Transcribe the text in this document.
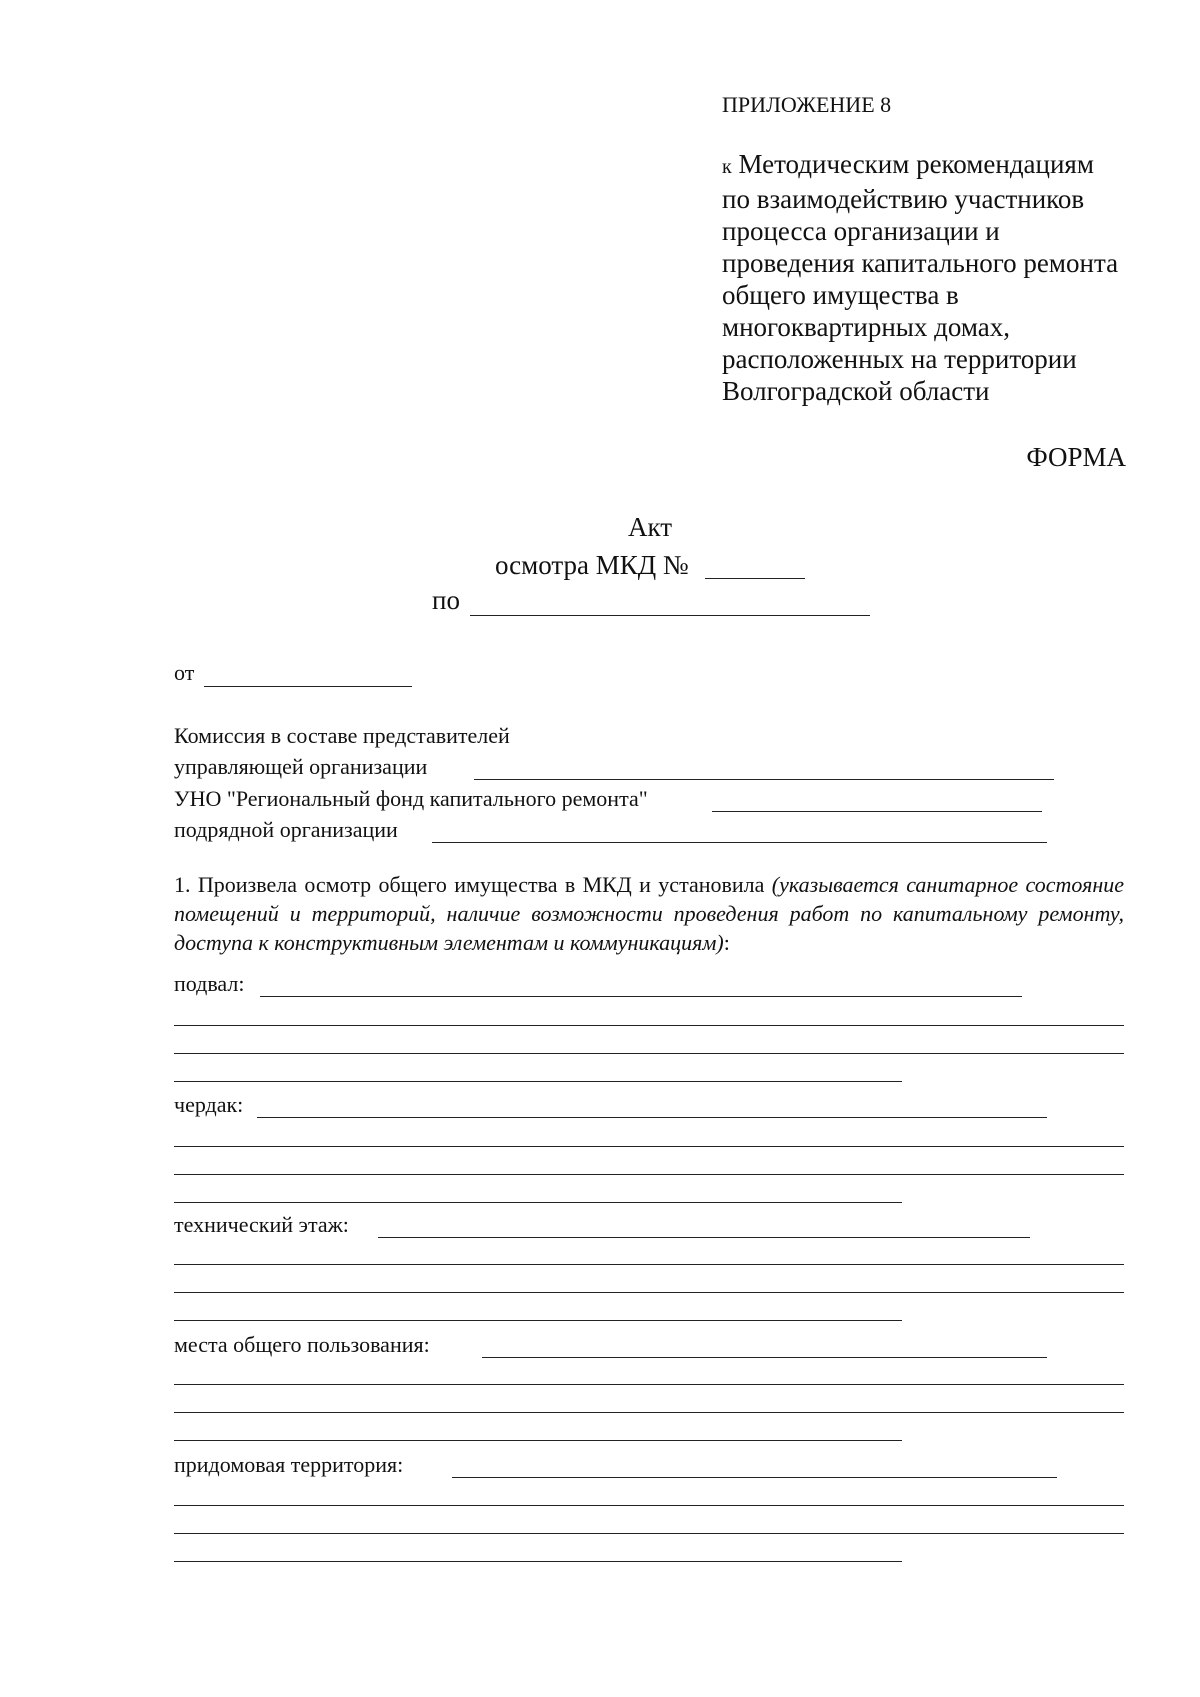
ПРИЛОЖЕНИЕ 8
к Методическим рекомендациям
по взаимодействию участников
процесса организации и
проведения капитального ремонта
общего имущества в
многоквартирных домах,
расположенных на территории
Волгоградской области
ФОРМА
Акт
осмотра МКД №
по
от
Комиссия в составе представителей
управляющей организации
УНО "Региональный фонд капитального ремонта"
подрядной организации
1. Произвела осмотр общего имущества в МКД и установила (указывается санитарное состояние помещений и территорий, наличие возможности проведения работ по капитальному ремонту, доступа к конструктивным элементам и коммуникациям):
подвал:
чердак:
технический этаж:
места общего пользования:
придомовая территория:
